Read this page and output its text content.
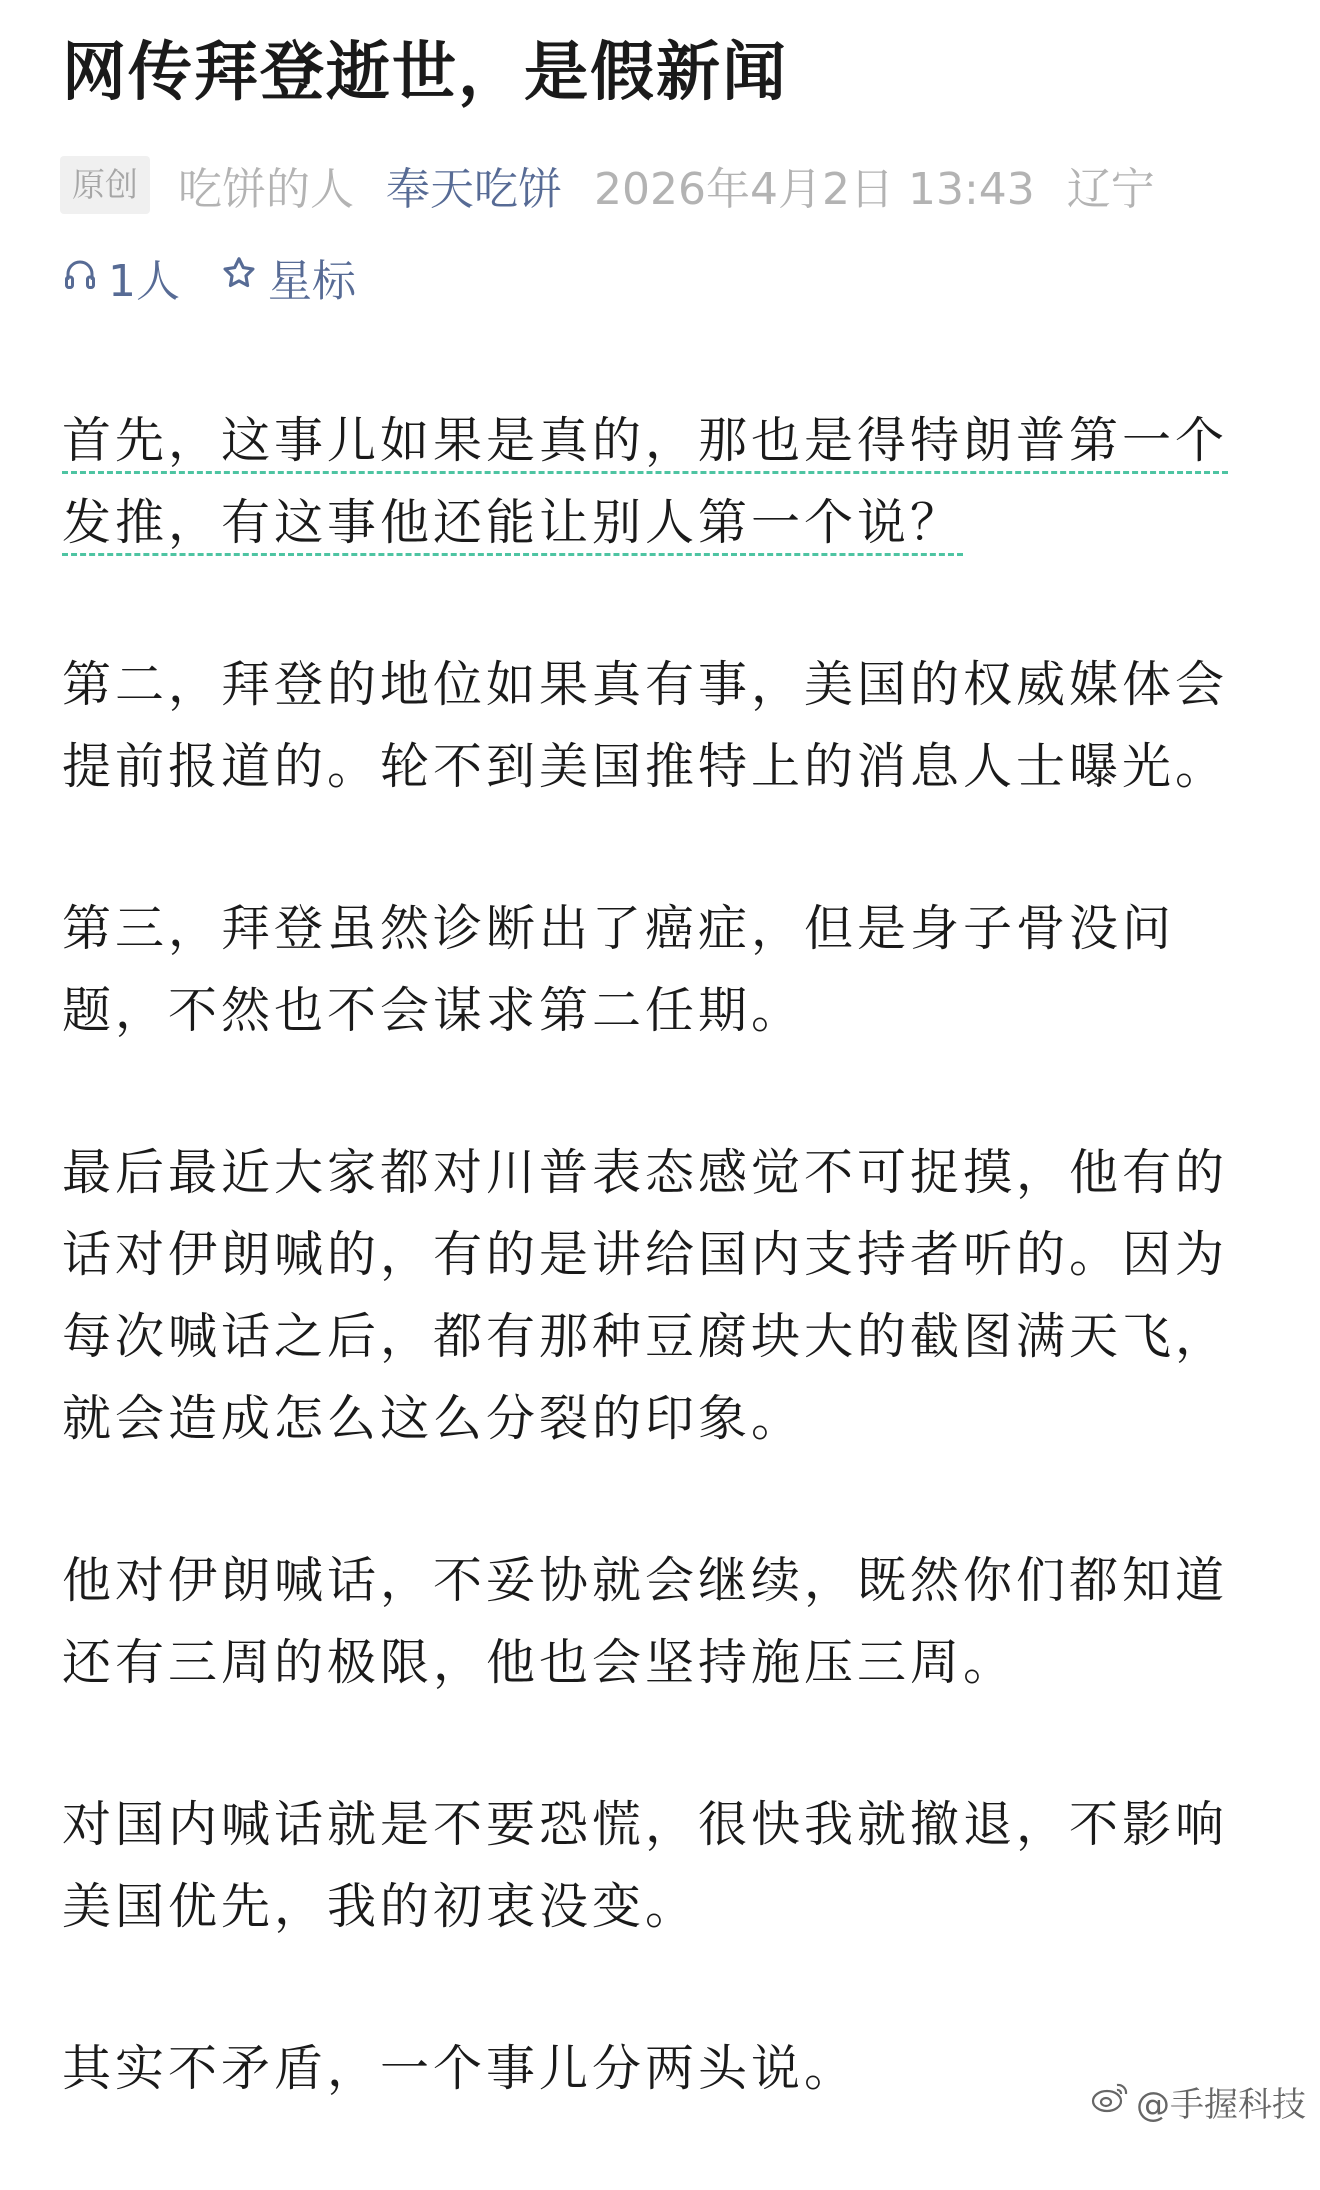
网传拜登逝世，是假新闻
原创 吃饼的人 奉天吃饼 2026年4月2日 13:43 辽宁
1人 星标

首先，这事儿如果是真的，那也是得特朗普第一个发推，有这事他还能让别人第一个说？

第二，拜登的地位如果真有事，美国的权威媒体会提前报道的。轮不到美国推特上的消息人士曝光。

第三，拜登虽然诊断出了癌症，但是身子骨没问题，不然也不会谋求第二任期。

最后最近大家都对川普表态感觉不可捉摸，他有的话对伊朗喊的，有的是讲给国内支持者听的。因为每次喊话之后，都有那种豆腐块大的截图满天飞，就会造成怎么这么分裂的印象。

他对伊朗喊话，不妥协就会继续，既然你们都知道还有三周的极限，他也会坚持施压三周。

对国内喊话就是不要恐慌，很快我就撤退，不影响美国优先，我的初衷没变。

其实不矛盾，一个事儿分两头说。

@手握科技
